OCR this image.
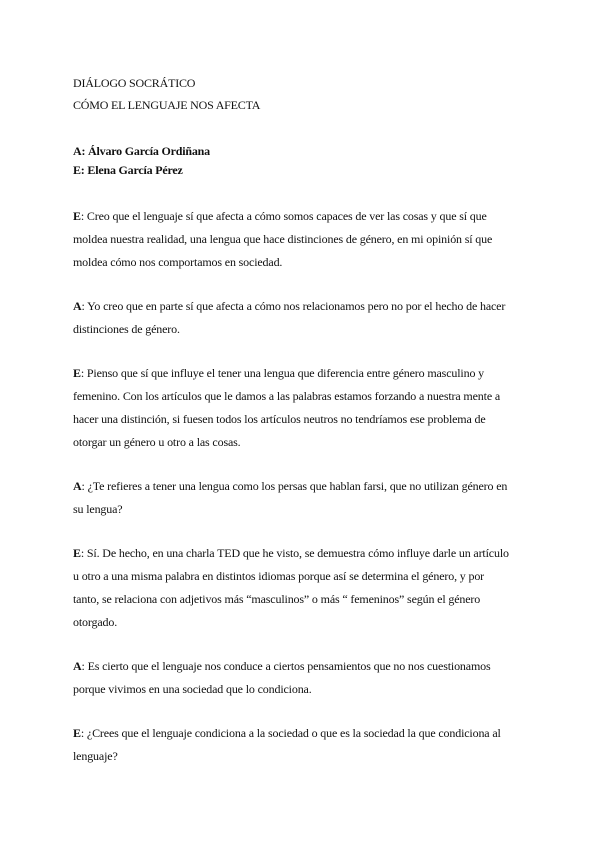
DIÁLOGO SOCRÁTICO
CÓMO EL LENGUAJE NOS AFECTA
A: Álvaro García Ordiñana
E: Elena García Pérez

E: Creo que el lenguaje sí que afecta a cómo somos capaces de ver las cosas y que sí que
moldea nuestra realidad, una lengua que hace distinciones de género, en mi opinión sí que
moldea cómo nos comportamos en sociedad.

A: Yo creo que en parte sí que afecta a cómo nos relacionamos pero no por el hecho de hacer
distinciones de género.

E: Pienso que sí que influye el tener una lengua que diferencia entre género masculino y
femenino. Con los artículos que le damos a las palabras estamos forzando a nuestra mente a
hacer una distinción, si fuesen todos los artículos neutros no tendríamos ese problema de
otorgar un género u otro a las cosas.

A: ¿Te refieres a tener una lengua como los persas que hablan farsi, que no utilizan género en
su lengua?

E: Sí. De hecho, en una charla TED que he visto, se demuestra cómo influye darle un artículo
u otro a una misma palabra en distintos idiomas porque así se determina el género, y por
tanto, se relaciona con adjetivos más “masculinos” o más “ femeninos” según el género
otorgado.

A: Es cierto que el lenguaje nos conduce a ciertos pensamientos que no nos cuestionamos
porque vivimos en una sociedad que lo condiciona.

E: ¿Crees que el lenguaje condiciona a la sociedad o que es la sociedad la que condiciona al
lenguaje?
